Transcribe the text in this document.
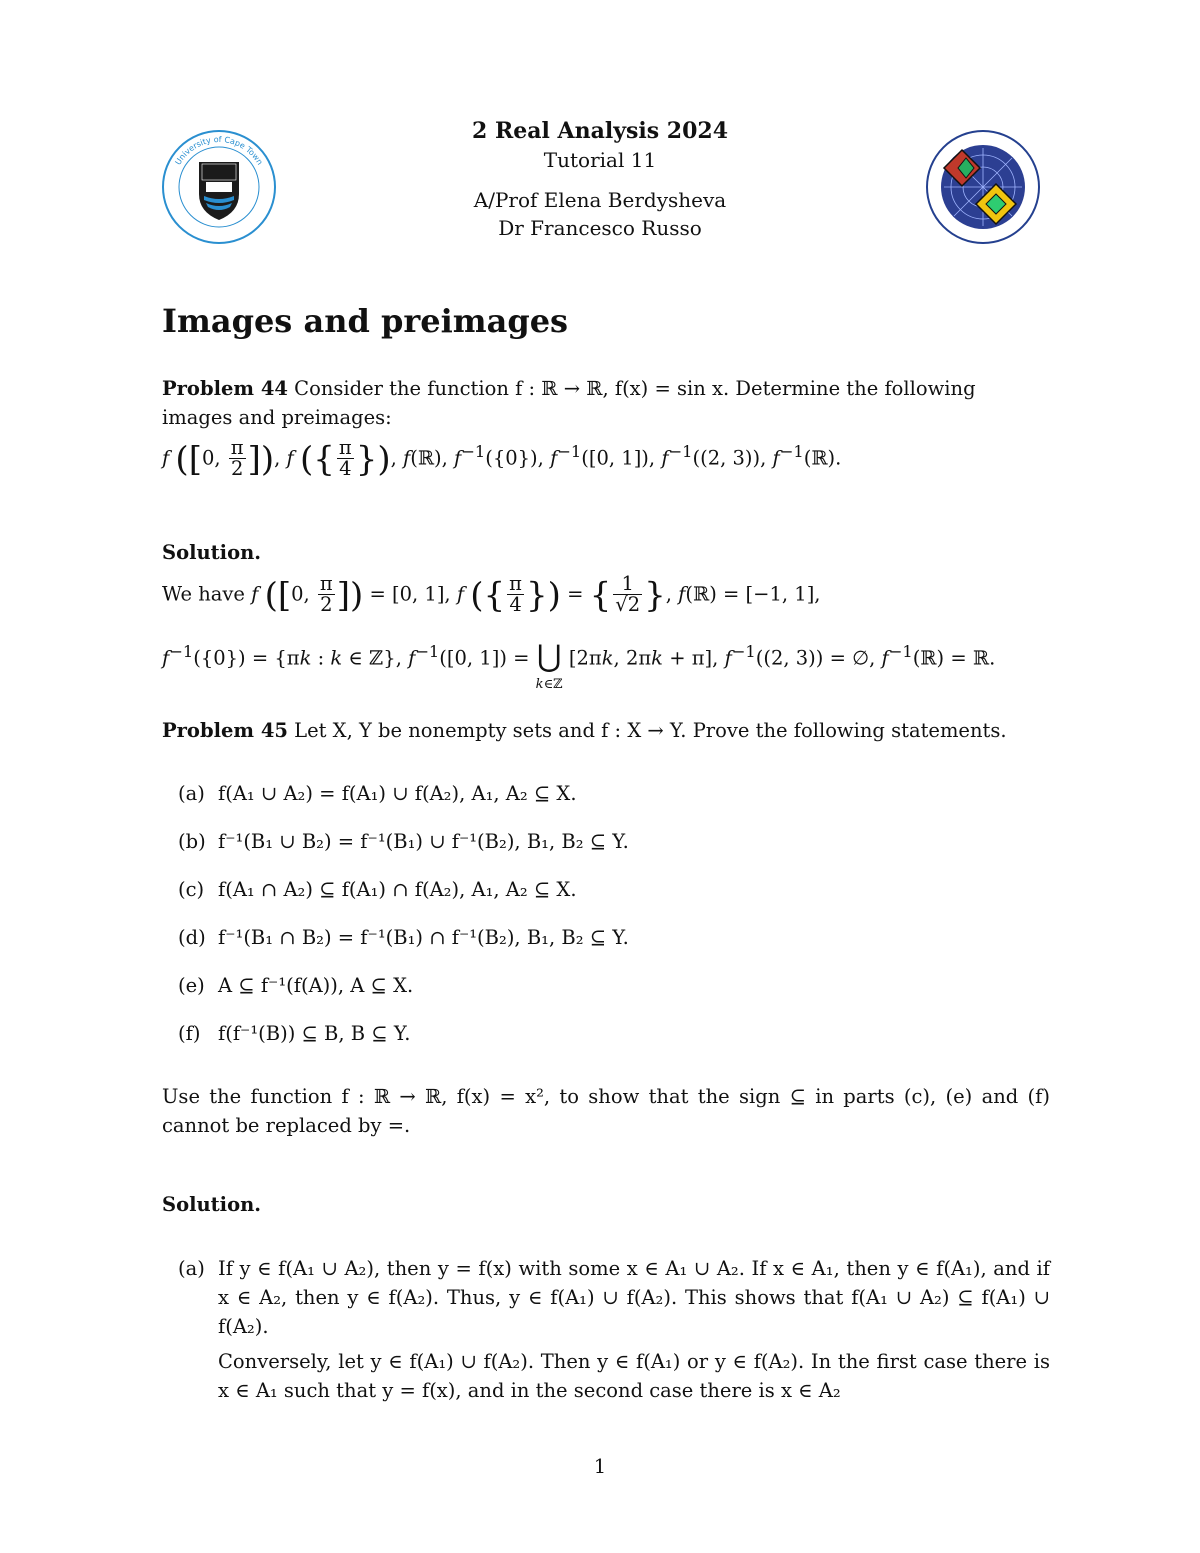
2 Real Analysis 2024
Tutorial 11
A/Prof Elena Berdysheva
Dr Francesco Russo
University of Cape Town
Images and preimages
Problem 44 Consider the function f : ℝ → ℝ, f(x) = sin x. Determine the following images and preimages:
f ([0, $\frac{\pi}{2}$ ]), f ({ $\frac{\pi}{4}$ }), f(ℝ), $f^{-1}(\{0\})$, $f^{-1}([0$, 1]), $f^{-1}((2$, 3)), $f^{-1}(ℝ)$.
Solution.
We have f ([0, $\frac{\pi}{2}$ ]) = [0, 1], f ({ $\frac{\pi}{4}$ }) = { $\frac{1}{√2}$ }, f(ℝ) = [−1, 1],
$f^{-1}(\{0\}) = \{\pi k$ : k ∈ ℤ}, $f^{-1}([0$, 1]) = ⋃
k∈ℤ [2πk, 2πk + π], $f^{-1}((2$, 3)) = ∅, $f^{-1}(ℝ)$ = ℝ.
Problem 45 Let X, Y be nonempty sets and f : X → Y. Prove the following statements.
(a) f(A₁ ∪ A₂) = f(A₁) ∪ f(A₂), A₁, A₂ ⊆ X.
(b) f⁻¹(B₁ ∪ B₂) = f⁻¹(B₁) ∪ f⁻¹(B₂), B₁, B₂ ⊆ Y.
(c) f(A₁ ∩ A₂) ⊆ f(A₁) ∩ f(A₂), A₁, A₂ ⊆ X.
(d) f⁻¹(B₁ ∩ B₂) = f⁻¹(B₁) ∩ f⁻¹(B₂), B₁, B₂ ⊆ Y.
(e) A ⊆ f⁻¹(f(A)), A ⊆ X.
(f) f(f⁻¹(B)) ⊆ B, B ⊆ Y.
Use the function f : ℝ → ℝ, f(x) = x², to show that the sign ⊆ in parts (c), (e) and (f) cannot be replaced by =.
Solution.
(a) If y ∈ f(A₁ ∪ A₂), then y = f(x) with some x ∈ A₁ ∪ A₂. If x ∈ A₁, then y ∈ f(A₁), and if x ∈ A₂, then y ∈ f(A₂). Thus, y ∈ f(A₁) ∪ f(A₂). This shows that f(A₁ ∪ A₂) ⊆ f(A₁) ∪ f(A₂).
Conversely, let y ∈ f(A₁) ∪ f(A₂). Then y ∈ f(A₁) or y ∈ f(A₂). In the first case there is x ∈ A₁ such that y = f(x), and in the second case there is x ∈ A₂
1
